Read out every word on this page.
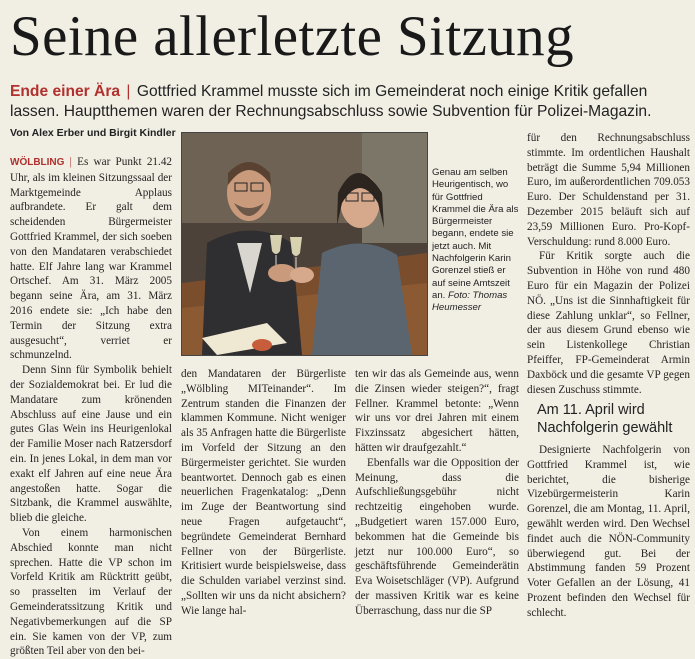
Seine allerletzte Sitzung
Ende einer Ära | Gottfried Krammel musste sich im Gemeinderat noch einige Kritik gefallen lassen. Hauptthemen waren der Rechnungsabschluss sowie Subvention für Polizei-Magazin.
Von Alex Erber und Birgit Kindler

WÖLBLING | Es war Punkt 21.42 Uhr, als im kleinen Sitzungssaal der Marktgemeinde Applaus aufbrandete. Er galt dem scheidenden Bürgermeister Gottfried Krammel, der sich soeben von den Mandataren verabschiedet hatte. Elf Jahre lang war Krammel Ortschef. Am 31. März 2005 begann seine Ära, am 31. März 2016 endete sie: „Ich habe den Termin der Sitzung extra ausgesucht“, verriet er schmunzelnd.

Denn Sinn für Symbolik behielt der Sozialdemokrat bei. Er lud die Mandatare zum krönenden Abschluss auf eine Jause und ein gutes Glas Wein ins Heurigenlokal der Familie Moser nach Ratzersdorf ein. In jenes Lokal, in dem man vor exakt elf Jahren auf eine neue Ära angestoßen hatte. Sogar die Sitzbank, die Krammel auswählte, blieb die gleiche.

Von einem harmonischen Abschied konnte man nicht sprechen. Hatte die VP schon im Vorfeld Kritik am Rücktritt geübt, so prasselten im Verlauf der Gemeinderatssitzung Kritik und Negativbemerkungen auf die SP ein. Sie kamen von der VP, zum größten Teil aber von den bei-

Genau am selben Heurigentisch, wo für Gottfried Krammel die Ära als Bürgermeister begann, endete sie jetzt auch. Mit Nachfolgerin Karin Gorenzel stieß er auf seine Amtszeit an. Foto: Thomas Heumesser

den Mandataren der Bürgerliste „Wölbling MITeinander“. Im Zentrum standen die Finanzen der klammen Kommune. Nicht weniger als 35 Anfragen hatte die Bürgerliste im Vorfeld der Sitzung an den Bürgermeister gerichtet. Sie wurden beantwortet. Dennoch gab es einen neuerlichen Fragenkatalog: „Denn im Zuge der Beantwortung sind neue Fragen aufgetaucht“, begründete Gemeinderat Bernhard Fellner von der Bürgerliste. Kritisiert wurde beispielsweise, dass die Schulden variabel verzinst sind. „Sollten wir uns da nicht absichern? Wie lange hal-

ten wir das als Gemeinde aus, wenn die Zinsen wieder steigen?“, fragt Fellner. Krammel betonte: „Wenn wir uns vor drei Jahren mit einem Fixzinssatz abgesichert hätten, hätten wir draufgezahlt.“

Ebenfalls war die Opposition der Meinung, dass die Aufschließungsgebühr nicht rechtzeitig eingehoben wurde. „Budgetiert waren 157.000 Euro, bekommen hat die Gemeinde bis jetzt nur 100.000 Euro“, so geschäftsführende Gemeinderätin Eva Woisetschläger (VP). Aufgrund der massiven Kritik war es keine Überraschung, dass nur die SP

für den Rechnungsabschluss stimmte. Im ordentlichen Haushalt beträgt die Summe 5,94 Millionen Euro, im außerordentlichen 709.053 Euro. Der Schuldenstand per 31. Dezember 2015 beläuft sich auf 23,59 Millionen Euro. Pro-Kopf-Verschuldung: rund 8.000 Euro.

Für Kritik sorgte auch die Subvention in Höhe von rund 480 Euro für ein Magazin der Polizei NÖ. „Uns ist die Sinnhaftigkeit für diese Zahlung unklar“, so Fellner, der aus diesem Grund ebenso wie sein Listenkollege Christian Pfeiffer, FP-Gemeinderat Armin Daxböck und die gesamte VP gegen diesen Zuschuss stimmte.

Am 11. April wird Nachfolgerin gewählt

Designierte Nachfolgerin von Gottfried Krammel ist, wie berichtet, die bisherige Vizebürgermeisterin Karin Gorenzel, die am Montag, 11. April, gewählt werden wird. Den Wechsel findet auch die NÖN-Community überwiegend gut. Bei der Abstimmung fanden 59 Prozent Voter Gefallen an der Lösung, 41 Prozent befinden den Wechsel für schlecht.
